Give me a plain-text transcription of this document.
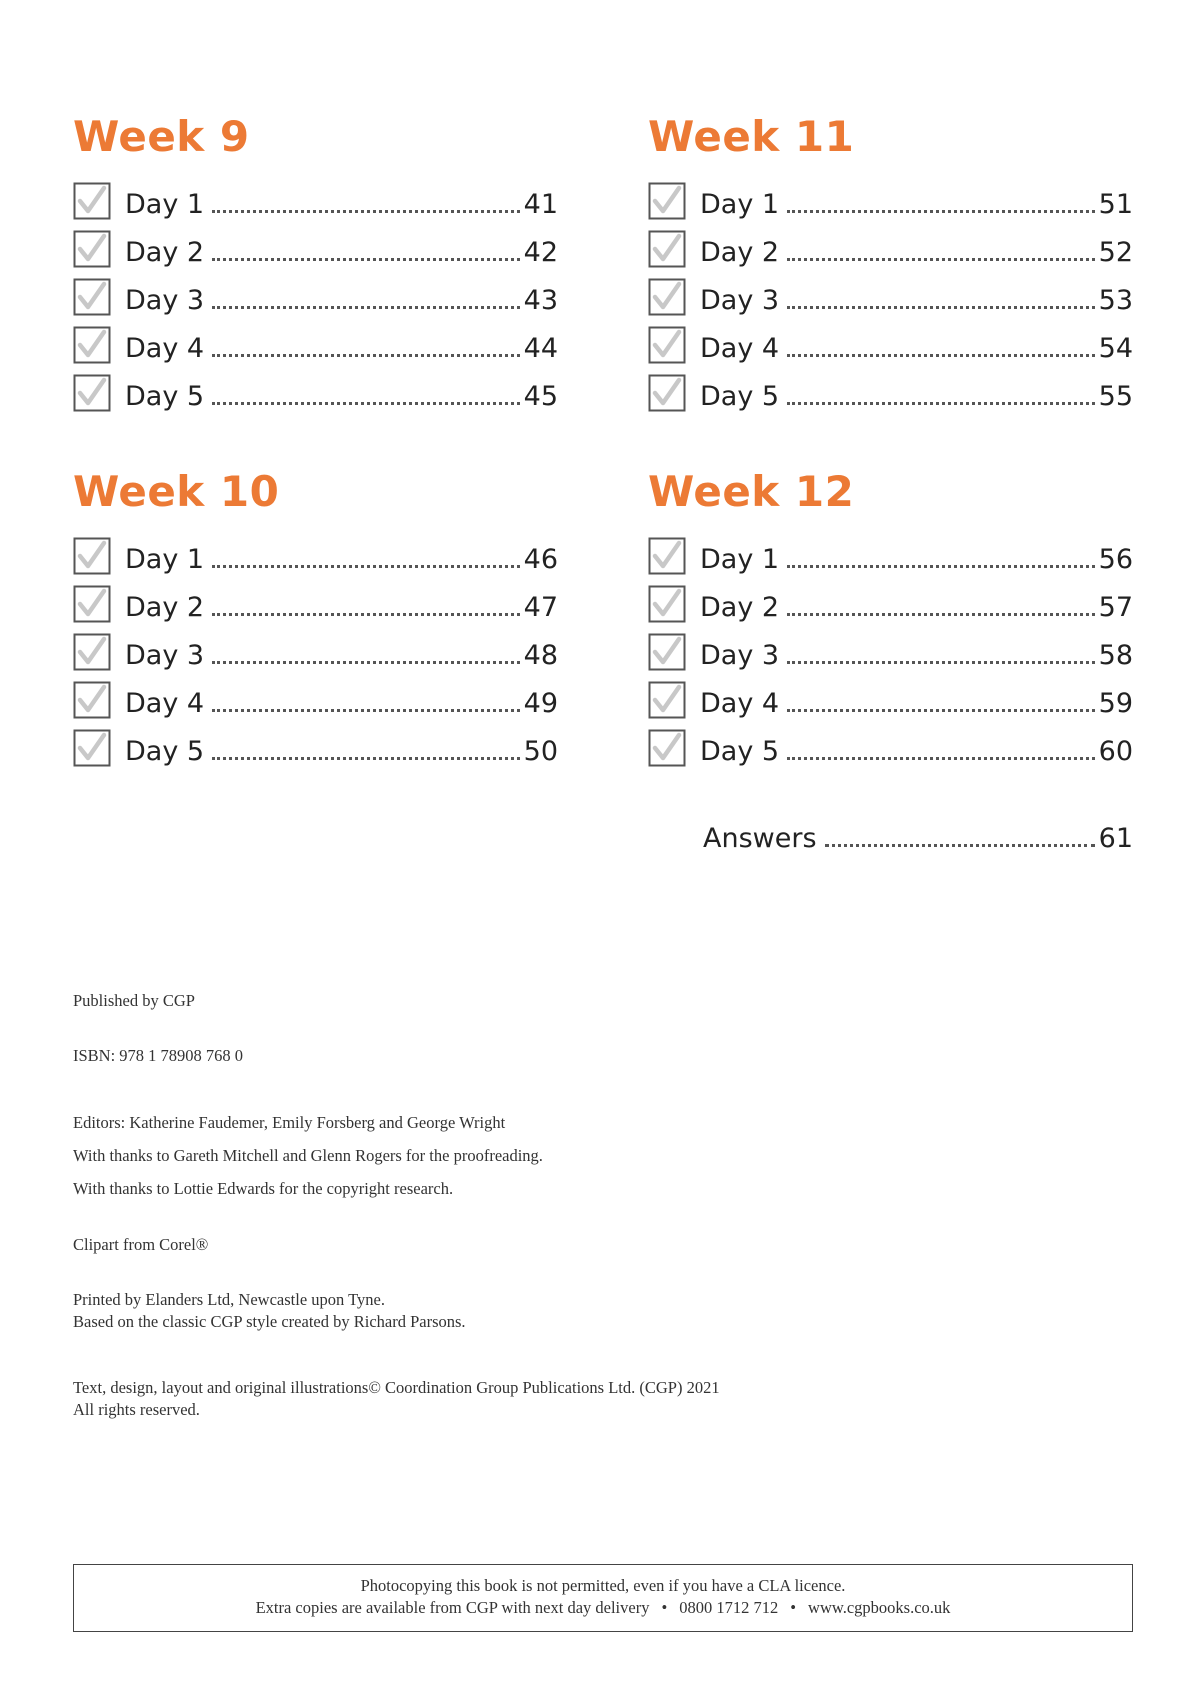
Week 9
Day 1	41
Day 2	42
Day 3	43
Day 4	44
Day 5	45
Week 11
Day 1	51
Day 2	52
Day 3	53
Day 4	54
Day 5	55
Week 10
Day 1	46
Day 2	47
Day 3	48
Day 4	49
Day 5	50
Week 12
Day 1	56
Day 2	57
Day 3	58
Day 4	59
Day 5	60
Answers	61
Published by CGP
ISBN: 978 1 78908 768 0
Editors: Katherine Faudemer, Emily Forsberg and George Wright
With thanks to Gareth Mitchell and Glenn Rogers for the proofreading.
With thanks to Lottie Edwards for the copyright research.
Clipart from Corel®
Printed by Elanders Ltd, Newcastle upon Tyne.
Based on the classic CGP style created by Richard Parsons.
Text, design, layout and original illustrations© Coordination Group Publications Ltd. (CGP) 2021
All rights reserved.
Photocopying this book is not permitted, even if you have a CLA licence.
Extra copies are available from CGP with next day delivery • 0800 1712 712 • www.cgpbooks.co.uk
